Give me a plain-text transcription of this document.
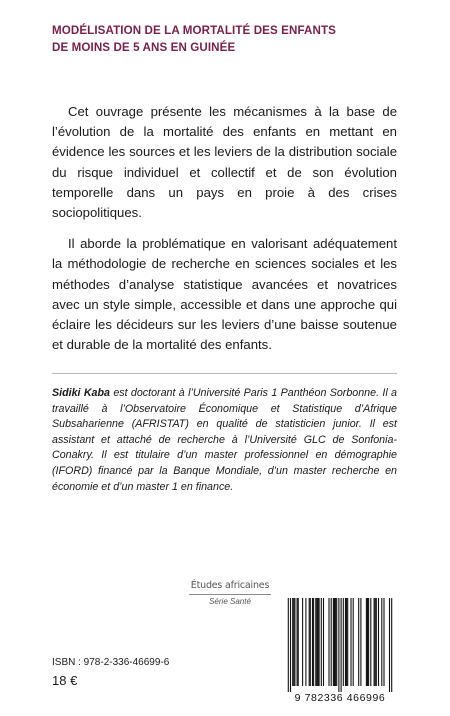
MODÉLISATION DE LA MORTALITÉ DES ENFANTS
DE MOINS DE 5 ANS EN GUINÉE

Cet ouvrage présente les mécanismes à la base de l’évolution de la mortalité des enfants en mettant en évidence les sources et les leviers de la distribution sociale du risque individuel et collectif et de son évolution temporelle dans un pays en proie à des crises sociopolitiques.

Il aborde la problématique en valorisant adéquatement la méthodologie de recherche en sciences sociales et les méthodes d’analyse statistique avancées et novatrices avec un style simple, accessible et dans une approche qui éclaire les décideurs sur les leviers d’une baisse soutenue et durable de la mortalité des enfants.

Sidiki Kaba est doctorant à l’Université Paris 1 Panthéon Sorbonne. Il a travaillé à l’Observatoire Économique et Statistique d’Afrique Subsaharienne (AFRISTAT) en qualité de statisticien junior. Il est assistant et attaché de recherche à l’Université GLC de Sonfonia-Conakry. Il est titulaire d’un master professionnel en démographie (IFORD) financé par la Banque Mondiale, d’un master recherche en économie et d’un master 1 en finance.

Études africaines
Série Santé
ISBN : 978-2-336-46699-6
18 €
9 782336 466996
